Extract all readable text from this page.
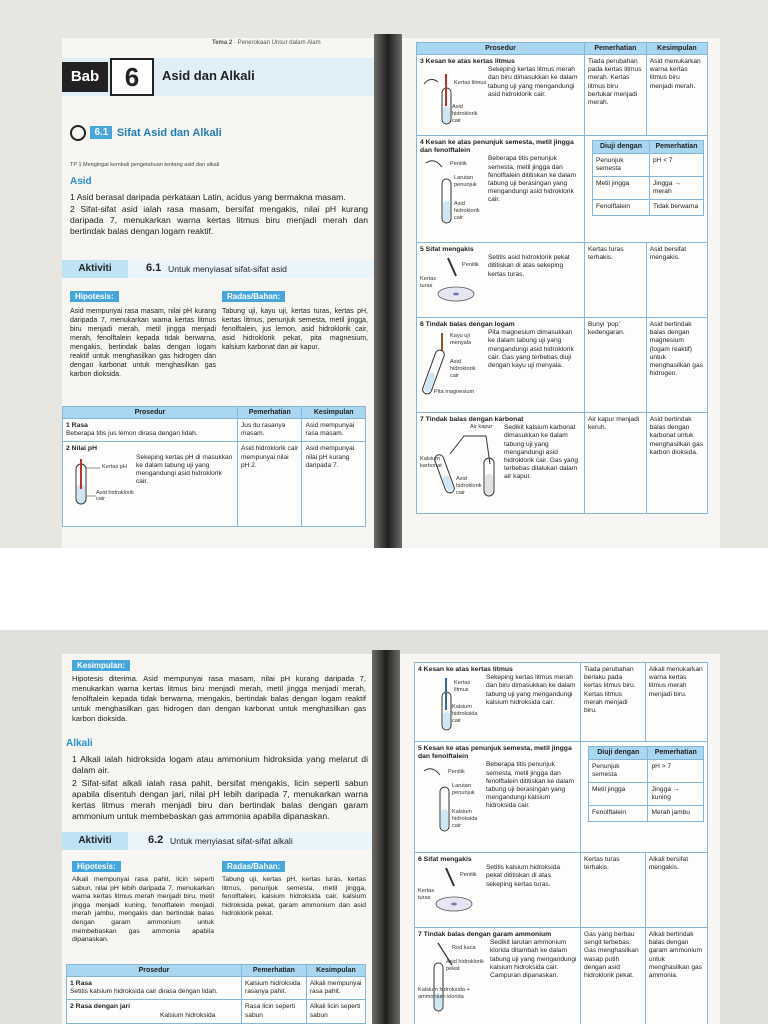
Tema 2 · Penerokaan Unsur dalam Alam
Bab 6	Asid dan Alkali
6.1 Sifat Asid dan Alkali
TP 1 Mengingat kembali pengetahuan tentang asid dan alkali
Asid
1 Asid berasal daripada perkataan Latin, acidus yang bermakna masam.
2 Sifat-sifat asid ialah rasa masam, bersifat mengakis, nilai pH kurang daripada 7, menukarkan warna kertas litmus biru menjadi merah dan bertindak balas dengan logam reaktif.
Aktiviti	6.1 Untuk menyiasat sifat-sifat asid
Hipotesis:
Asid mempunyai rasa masam, nilai pH kurang daripada 7, menukarkan warna kertas litmus biru menjadi merah, metil jingga menjadi merah, fenolftalein kepada tidak berwarna, mengakis, bertindak balas dengan logam reaktif untuk menghasilkan gas hidrogen dan dengan karbonat untuk menghasilkan gas karbon dioksida.
Radas/Bahan:
Tabung uji, kayu uji, kertas turas, kertas pH, kertas litmus, penunjuk semesta, metil jingga, fenolftalein, jus lemon, asid hidroklorik cair, asid hidroklorik pekat, pita magnesium, kalsium karbonat dan air kapur.
Prosedur	Pemerhatian	Kesimpulan

1 Rasa
Beberapa titis jus lemon dirasa dengan lidah.	Jus itu rasanya masam.	Asid mempunyai rasa masam.

2 Nilai pH
Kertas pH
Asid hidroklorik cair
Sekeping kertas pH di masukkan ke dalam tabung uji yang mengandungi asid hidroklorik cair.	Asid hidroklorik cair mempunyai nilai pH 2.	Asid mempunyai nilai pH kurang daripada 7.
Prosedur	Pemerhatian	Kesimpulan

3 Kesan ke atas kertas litmus
Kertas litmus
Asid hidroklorik cair
Sekeping kertas litmus merah dan biru dimasukkan ke dalam tabung uji yang mengandungi asid hidroklorik cair.
	Tiada perubahan pada kertas litmus merah. Kertas litmus biru bertukar menjadi merah.	Asid menukarkan warna kertas litmus biru menjadi merah.

4 Kesan ke atas penunjuk semesta, metil jingga dan fenolftalein
Penitik
Larutan penunjuk
Asid hidroklorik cair
Beberapa titis penunjuk semesta, metil jingga dan fenolftalein dititiskan ke dalam tabung uji berasingan yang mengandungi asid hidroklorik cair.

Diuji dengan	Pemerhatian
Penunjuk semesta	pH < 7
Metil jingga	Jingga → merah
Fenolftalein	Tidak berwarna

5 Sifat mengakis
Penitik
Kertas turas
Setitis asid hidroklorik pekat dititiskan di atas sekeping kertas turas.
	Kertas turas terhakis.	Asid bersifat mengakis.

6 Tindak balas dengan logam
Kayu uji menyala
Asid hidroklorik cair
Pita magnesium
Pita magnesium dimasukkan ke dalam tabung uji yang mengandungi asid hidroklorik cair. Gas yang terbebas diuji dengan kayu uji menyala.
	Bunyi 'pop' kedengaran.	Asid bertindak balas dengan magnesium (logam reaktif) untuk menghasilkan gas hidrogen.

7 Tindak balas dengan karbonat
Air kapur
Kalsium karbonat
Asid hidroklorik cair
Sedikit kalsium karbonat dimasukkan ke dalam tabung uji yang mengandungi asid hidroklorik cair. Gas yang terbebas dilalukan dalam air kapur.
	Air kapur menjadi keruh.	Asid bertindak balas dengan karbonat untuk menghasilkan gas karbon dioksida.
Kesimpulan:
Hipotesis diterima. Asid mempunyai rasa masam, nilai pH kurang daripada 7, menukarkan warna kertas litmus biru menjadi merah, metil jingga menjadi merah, fenolftalein kepada tidak berwarna, mengakis, bertindak balas dengan logam reaktif untuk menghasilkan gas hidrogen dan dengan karbonat untuk menghasilkan gas karbon dioksida.
Alkali
1 Alkali ialah hidroksida logam atau ammonium hidroksida yang melarut di dalam air.
2 Sifat-sifat alkali ialah rasa pahit, bersifat mengakis, licin seperti sabun apabila disentuh dengan jari, nilai pH lebih daripada 7, menukarkan warna kertas litmus merah menjadi biru dan bertindak balas dengan garam ammonium untuk membebaskan gas ammonia apabila dipanaskan.
Aktiviti	6.2 Untuk menyiasat sifat-sifat alkali
Hipotesis:
Alkali mempunyai rasa pahit, licin seperti sabun, nilai pH lebih daripada 7, menukarkan warna kertas litmus merah menjadi biru, metil jingga menjadi kuning, fenolftalein menjadi merah jambu, mengakis dan bertindak balas dengan garam ammonium untuk membebaskan gas ammonia apabila dipanaskan.
Radas/Bahan:
Tabung uji, kertas pH, kertas turas, kertas litmus, penunjuk semesta, metil jingga, fenolftalein, kalsium hidroksida cair, kalsium hidroksida pekat, garam ammonium dan asid hidroklorik pekat.
Prosedur	Pemerhatian	Kesimpulan

1 Rasa
Setitis kalsium hidroksida cair dirasa dengan lidah.	Kalsium hidroksida rasanya pahit.	Alkali mempunyai rasa pahit.

2 Rasa dengan jari
Kalsium hidroksida	Rasa licin seperti sabun	Alkali licin seperti sabun
4 Kesan ke atas kertas litmus
Kertas litmus
Kalsium hidroksida cair
Sekeping kertas litmus merah dan biru dimasukkan ke dalam tabung uji yang mengandungi kalsium hidroksida cair.
	Tiada perubahan berlaku pada kertas litmus biru. Kertas litmus merah menjadi biru.	Alkali menukarkan warna kertas litmus merah menjadi biru.

5 Kesan ke atas penunjuk semesta, metil jingga dan fenolftalein
Penitik
Larutan penunjuk
Kalsium hidroksida cair
Beberapa titis penunjuk semesta, metil jingga dan fenolftalein dititiskan ke dalam tabung uji berasingan yang mengandungi kalsium hidroksida cair.

Diuji dengan	Pemerhatian
Penunjuk semesta	pH > 7
Metil jingga	Jingga → kuning
Fenolftalein	Merah jambu

6 Sifat mengakis
Penitik
Kertas turas
Setitis kalsium hidroksida pekat dititiskan di atas sekeping kertas turas.
	Kertas turas terhakis.	Alkali bersifat mengakis.

7 Tindak balas dengan garam ammonium
Rod kaca
Asid hidroklorik pekat
Kalsium hidroksida + ammonium klorida
Sedikit larutan ammonium klorida ditambah ke dalam tabung uji yang mengandungi kalsium hidroksida cair. Campuran dipanaskan.
	Gas yang berbau sengit terbebas. Gas menghasilkan wasap putih dengan asid hidroklorik pekat.	Alkali bertindak balas dengan garam ammonium untuk menghasilkan gas ammonia.
